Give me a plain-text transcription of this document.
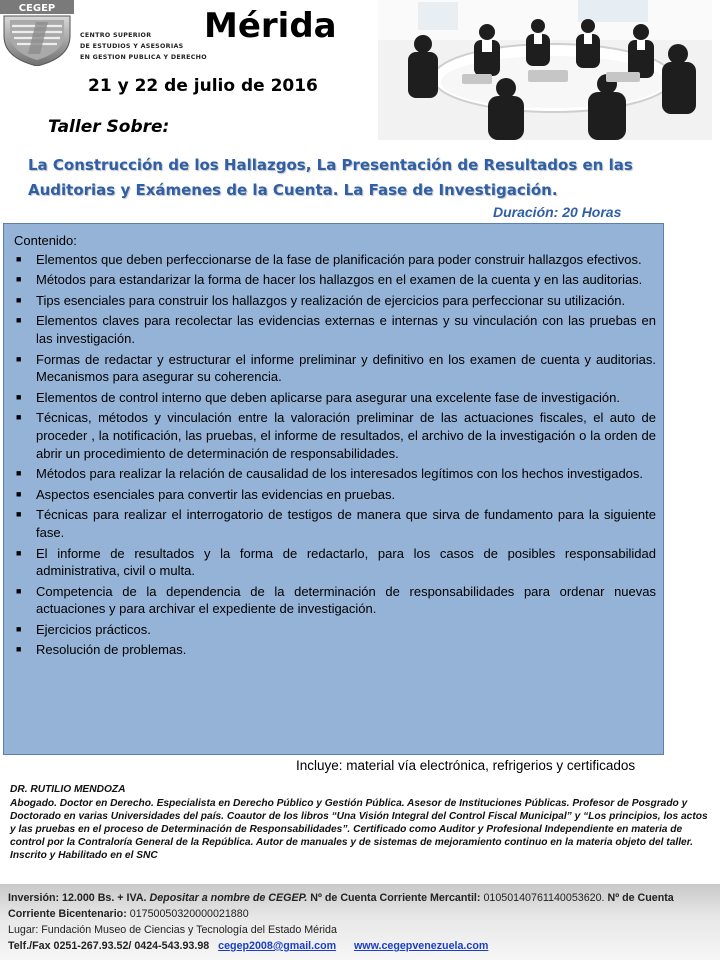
CEGEP
CENTRO SUPERIOR
DE ESTUDIOS Y ASESORIAS
EN GESTION PUBLICA Y DERECHO
Mérida
21 y 22 de julio de 2016
Taller Sobre:
La Construcción de los Hallazgos, La Presentación de Resultados en las
Auditorias y Exámenes de la Cuenta. La Fase de Investigación.
Duración: 20 Horas
Contenido:
■ Elementos que deben perfeccionarse de la fase de planificación para poder construir hallazgos efectivos.
■ Métodos para estandarizar la forma de hacer los hallazgos en el examen de la cuenta y en las auditorias.
■ Tips esenciales para construir los hallazgos y realización de ejercicios para perfeccionar su utilización.
■ Elementos claves para recolectar las evidencias externas e internas y su vinculación con las pruebas en las investigación.
■ Formas de redactar y estructurar el informe preliminar y definitivo en los examen de cuenta y auditorias. Mecanismos para asegurar su coherencia.
■ Elementos de control interno que deben aplicarse para asegurar una excelente fase de investigación.
■ Técnicas, métodos y vinculación entre la valoración preliminar de las actuaciones fiscales, el auto de proceder , la notificación, las pruebas, el informe de resultados, el archivo de la investigación o la orden de abrir un procedimiento de determinación de responsabilidades.
■ Métodos para realizar la relación de causalidad de los interesados legítimos con los hechos investigados.
■ Aspectos esenciales para convertir las evidencias en pruebas.
■ Técnicas para realizar el interrogatorio de testigos de manera que sirva de fundamento para la siguiente fase.
■ El informe de resultados y la forma de redactarlo, para los casos de posibles responsabilidad administrativa, civil o multa.
■ Competencia de la dependencia de la determinación de responsabilidades para ordenar nuevas actuaciones y para archivar el expediente de investigación.
■ Ejercicios prácticos.
■ Resolución de problemas.
Incluye: material vía electrónica, refrigerios y certificados
DR. RUTILIO MENDOZA
Abogado. Doctor en Derecho. Especialista en Derecho Público y Gestión Pública. Asesor de Instituciones Públicas. Profesor de Posgrado y Doctorado en varias Universidades del país. Coautor de los libros “Una Visión Integral del Control Fiscal Municipal” y “Los principios, los actos y las pruebas en el proceso de Determinación de Responsabilidades”. Certificado como Auditor y Profesional Independiente en materia de control por la Contraloría General de la República. Autor de manuales y de sistemas de mejoramiento continuo en la materia objeto del taller. Inscrito y Habilitado en el SNC
Inversión: 12.000 Bs. + IVA. Depositar a nombre de CEGEP. Nº de Cuenta Corriente Mercantil: 01050140761140053620. Nº de Cuenta
Corriente Bicentenario: 01750050320000021880
Lugar: Fundación Museo de Ciencias y Tecnología del Estado Mérida
Telf./Fax 0251-267.93.52/ 0424-543.93.98 cegep2008@gmail.com www.cegepvenezuela.com
